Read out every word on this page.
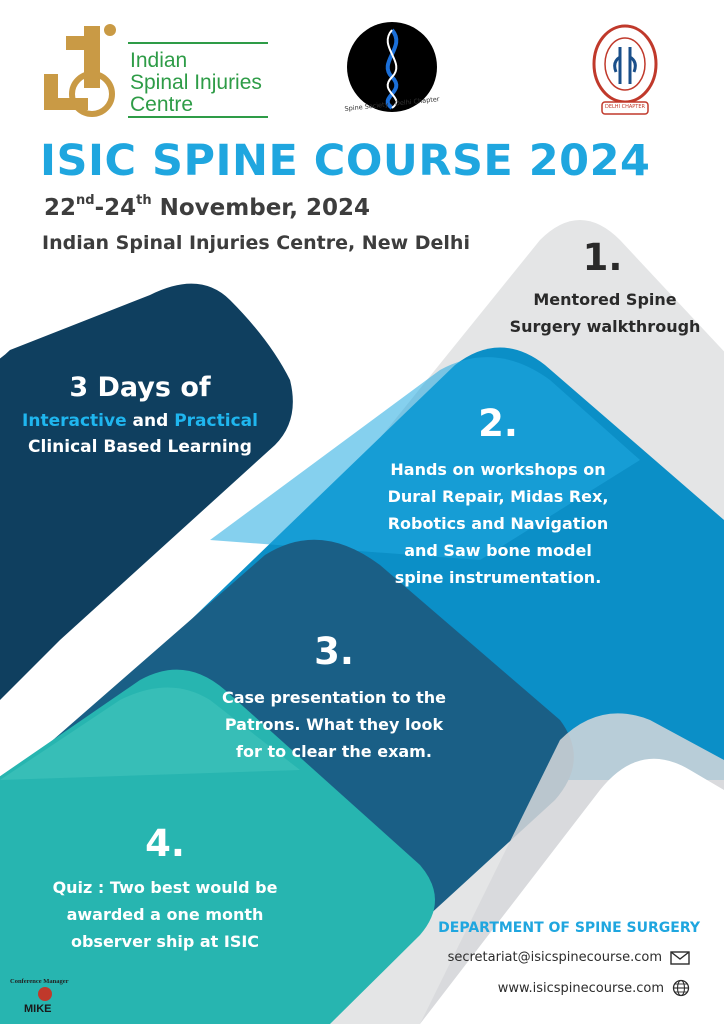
Indian
Spinal Injuries
Centre	Spine Society - Delhi Chapter	DELHI CHAPTER
ISIC SPINE COURSE 2024
22nd-24th November, 2024
Indian Spinal Injuries Centre, New Delhi
3 Days of
Interactive and Practical
Clinical Based Learning
1.
Mentored Spine
Surgery walkthrough
2.
Hands on workshops on
Dural Repair, Midas Rex,
Robotics and Navigation
and Saw bone model
spine instrumentation.
3.
Case presentation to the
Patrons. What they look
for to clear the exam.
4.
Quiz : Two best would be
awarded a one month
observer ship at ISIC
DEPARTMENT OF SPINE SURGERY
secretariat@isicspinecourse.com
www.isicspinecourse.com
Conference Manager
MIKE
